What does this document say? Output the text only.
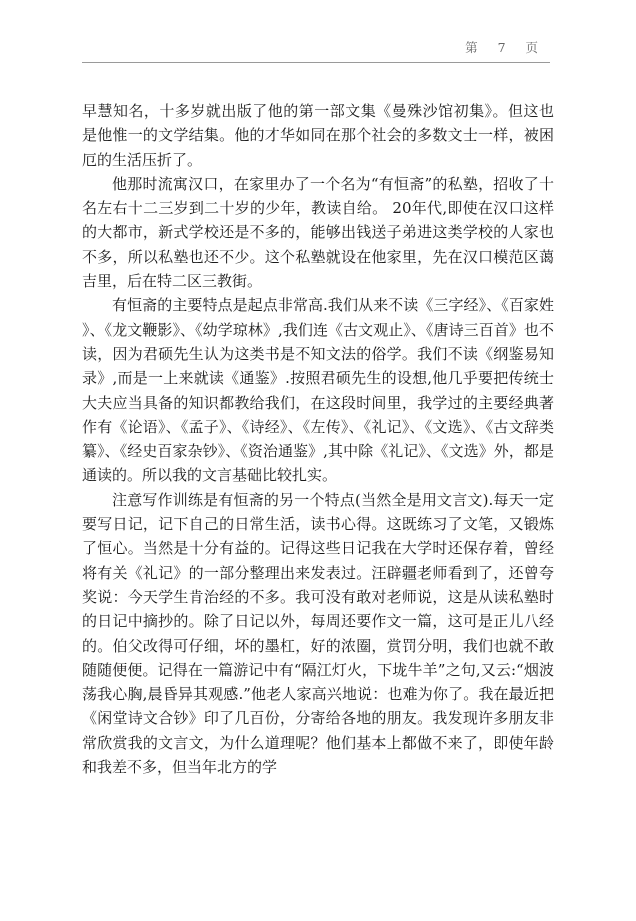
第 7 页

早慧知名，十多岁就出版了他的第一部文集《曼殊沙馆初集》。但这也是他惟一的文学结集。他的才华如同在那个社会的多数文士一样，被困厄的生活压折了。

他那时流寓汉口，在家里办了一个名为“有恒斋”的私塾，招收了十名左右十二三岁到二十岁的少年，教读自给。 20年代,即使在汉口这样的大都市，新式学校还是不多的，能够出钱送子弟进这类学校的人家也不多，所以私塾也还不少。这个私塾就设在他家里，先在汉口模范区蔼吉里，后在特二区三教街。

有恒斋的主要特点是起点非常高.我们从来不读《三字经》、《百家姓》、《龙文鞭影》、《幼学琼林》,我们连《古文观止》、《唐诗三百首》也不读，因为君硕先生认为这类书是不知文法的俗学。我们不读《纲鉴易知录》,而是一上来就读《通鉴》.按照君硕先生的设想,他几乎要把传统士大夫应当具备的知识都教给我们，在这段时间里，我学过的主要经典著作有《论语》、《孟子》、《诗经》、《左传》、《礼记》、《文选》、《古文辞类纂》、《经史百家杂钞》、《资治通鉴》,其中除《礼记》、《文选》外，都是通读的。所以我的文言基础比较扎实。

注意写作训练是有恒斋的另一个特点(当然全是用文言文).每天一定要写日记，记下自己的日常生活，读书心得。这既练习了文笔，又锻炼了恒心。当然是十分有益的。记得这些日记我在大学时还保存着，曾经将有关《礼记》的一部分整理出来发表过。汪辟疆老师看到了，还曾夸奖说：今天学生肯治经的不多。我可没有敢对老师说，这是从读私塾时的日记中摘抄的。除了日记以外，每周还要作文一篇，这可是正儿八经的。伯父改得可仔细，坏的墨杠，好的浓圈，赏罚分明，我们也就不敢随随便便。记得在一篇游记中有“隔江灯火，下垅牛羊”之句,又云:“烟波荡我心胸,晨昏异其观感.”他老人家高兴地说：也难为你了。我在最近把《闲堂诗文合钞》印了几百份，分寄给各地的朋友。我发现许多朋友非常欣赏我的文言文，为什么道理呢？他们基本上都做不来了，即使年龄和我差不多，但当年北方的学
